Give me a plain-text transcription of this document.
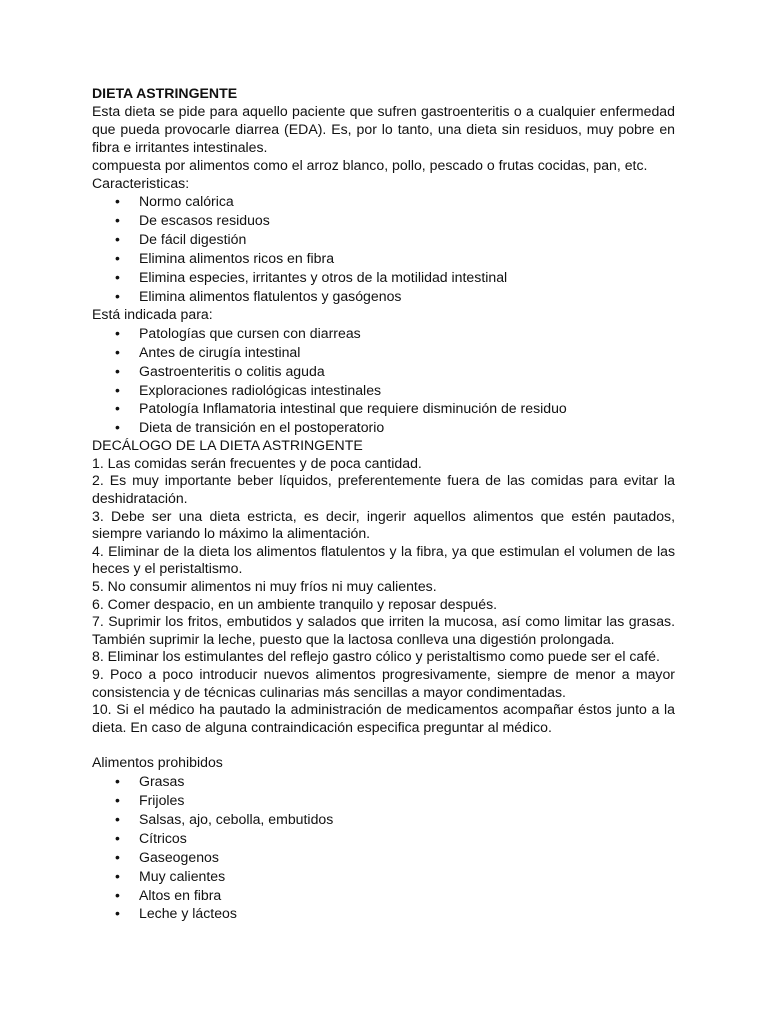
DIETA ASTRINGENTE

Esta dieta se pide para aquello paciente que sufren gastroenteritis o a cualquier enfermedad que pueda provocarle diarrea (EDA). Es, por lo tanto, una dieta sin residuos, muy pobre en fibra e irritantes intestinales.

compuesta por alimentos como el arroz blanco, pollo, pescado o frutas cocidas, pan, etc.

Caracteristicas:

• Normo calórica
• De escasos residuos
• De fácil digestión
• Elimina alimentos ricos en fibra
• Elimina especies, irritantes y otros de la motilidad intestinal
• Elimina alimentos flatulentos y gasógenos

Está indicada para:

• Patologías que cursen con diarreas
• Antes de cirugía intestinal
• Gastroenteritis o colitis aguda
• Exploraciones radiológicas intestinales
• Patología Inflamatoria intestinal que requiere disminución de residuo
• Dieta de transición en el postoperatorio

DECÁLOGO DE LA DIETA ASTRINGENTE

1. Las comidas serán frecuentes y de poca cantidad.

2. Es muy importante beber líquidos, preferentemente fuera de las comidas para evitar la deshidratación.

3. Debe ser una dieta estricta, es decir, ingerir aquellos alimentos que estén pautados, siempre variando lo máximo la alimentación.

4. Eliminar de la dieta los alimentos flatulentos y la fibra, ya que estimulan el volumen de las heces y el peristaltismo.

5. No consumir alimentos ni muy fríos ni muy calientes.

6. Comer despacio, en un ambiente tranquilo y reposar después.

7. Suprimir los fritos, embutidos y salados que irriten la mucosa, así como limitar las grasas. También suprimir la leche, puesto que la lactosa conlleva una digestión prolongada.

8. Eliminar los estimulantes del reflejo gastro cólico y peristaltismo como puede ser el café.

9. Poco a poco introducir nuevos alimentos progresivamente, siempre de menor a mayor consistencia y de técnicas culinarias más sencillas a mayor condimentadas.

10. Si el médico ha pautado la administración de medicamentos acompañar éstos junto a la dieta. En caso de alguna contraindicación especifica preguntar al médico.

Alimentos prohibidos

• Grasas
• Frijoles
• Salsas, ajo, cebolla, embutidos
• Cítricos
• Gaseogenos
• Muy calientes
• Altos en fibra
• Leche y lácteos
